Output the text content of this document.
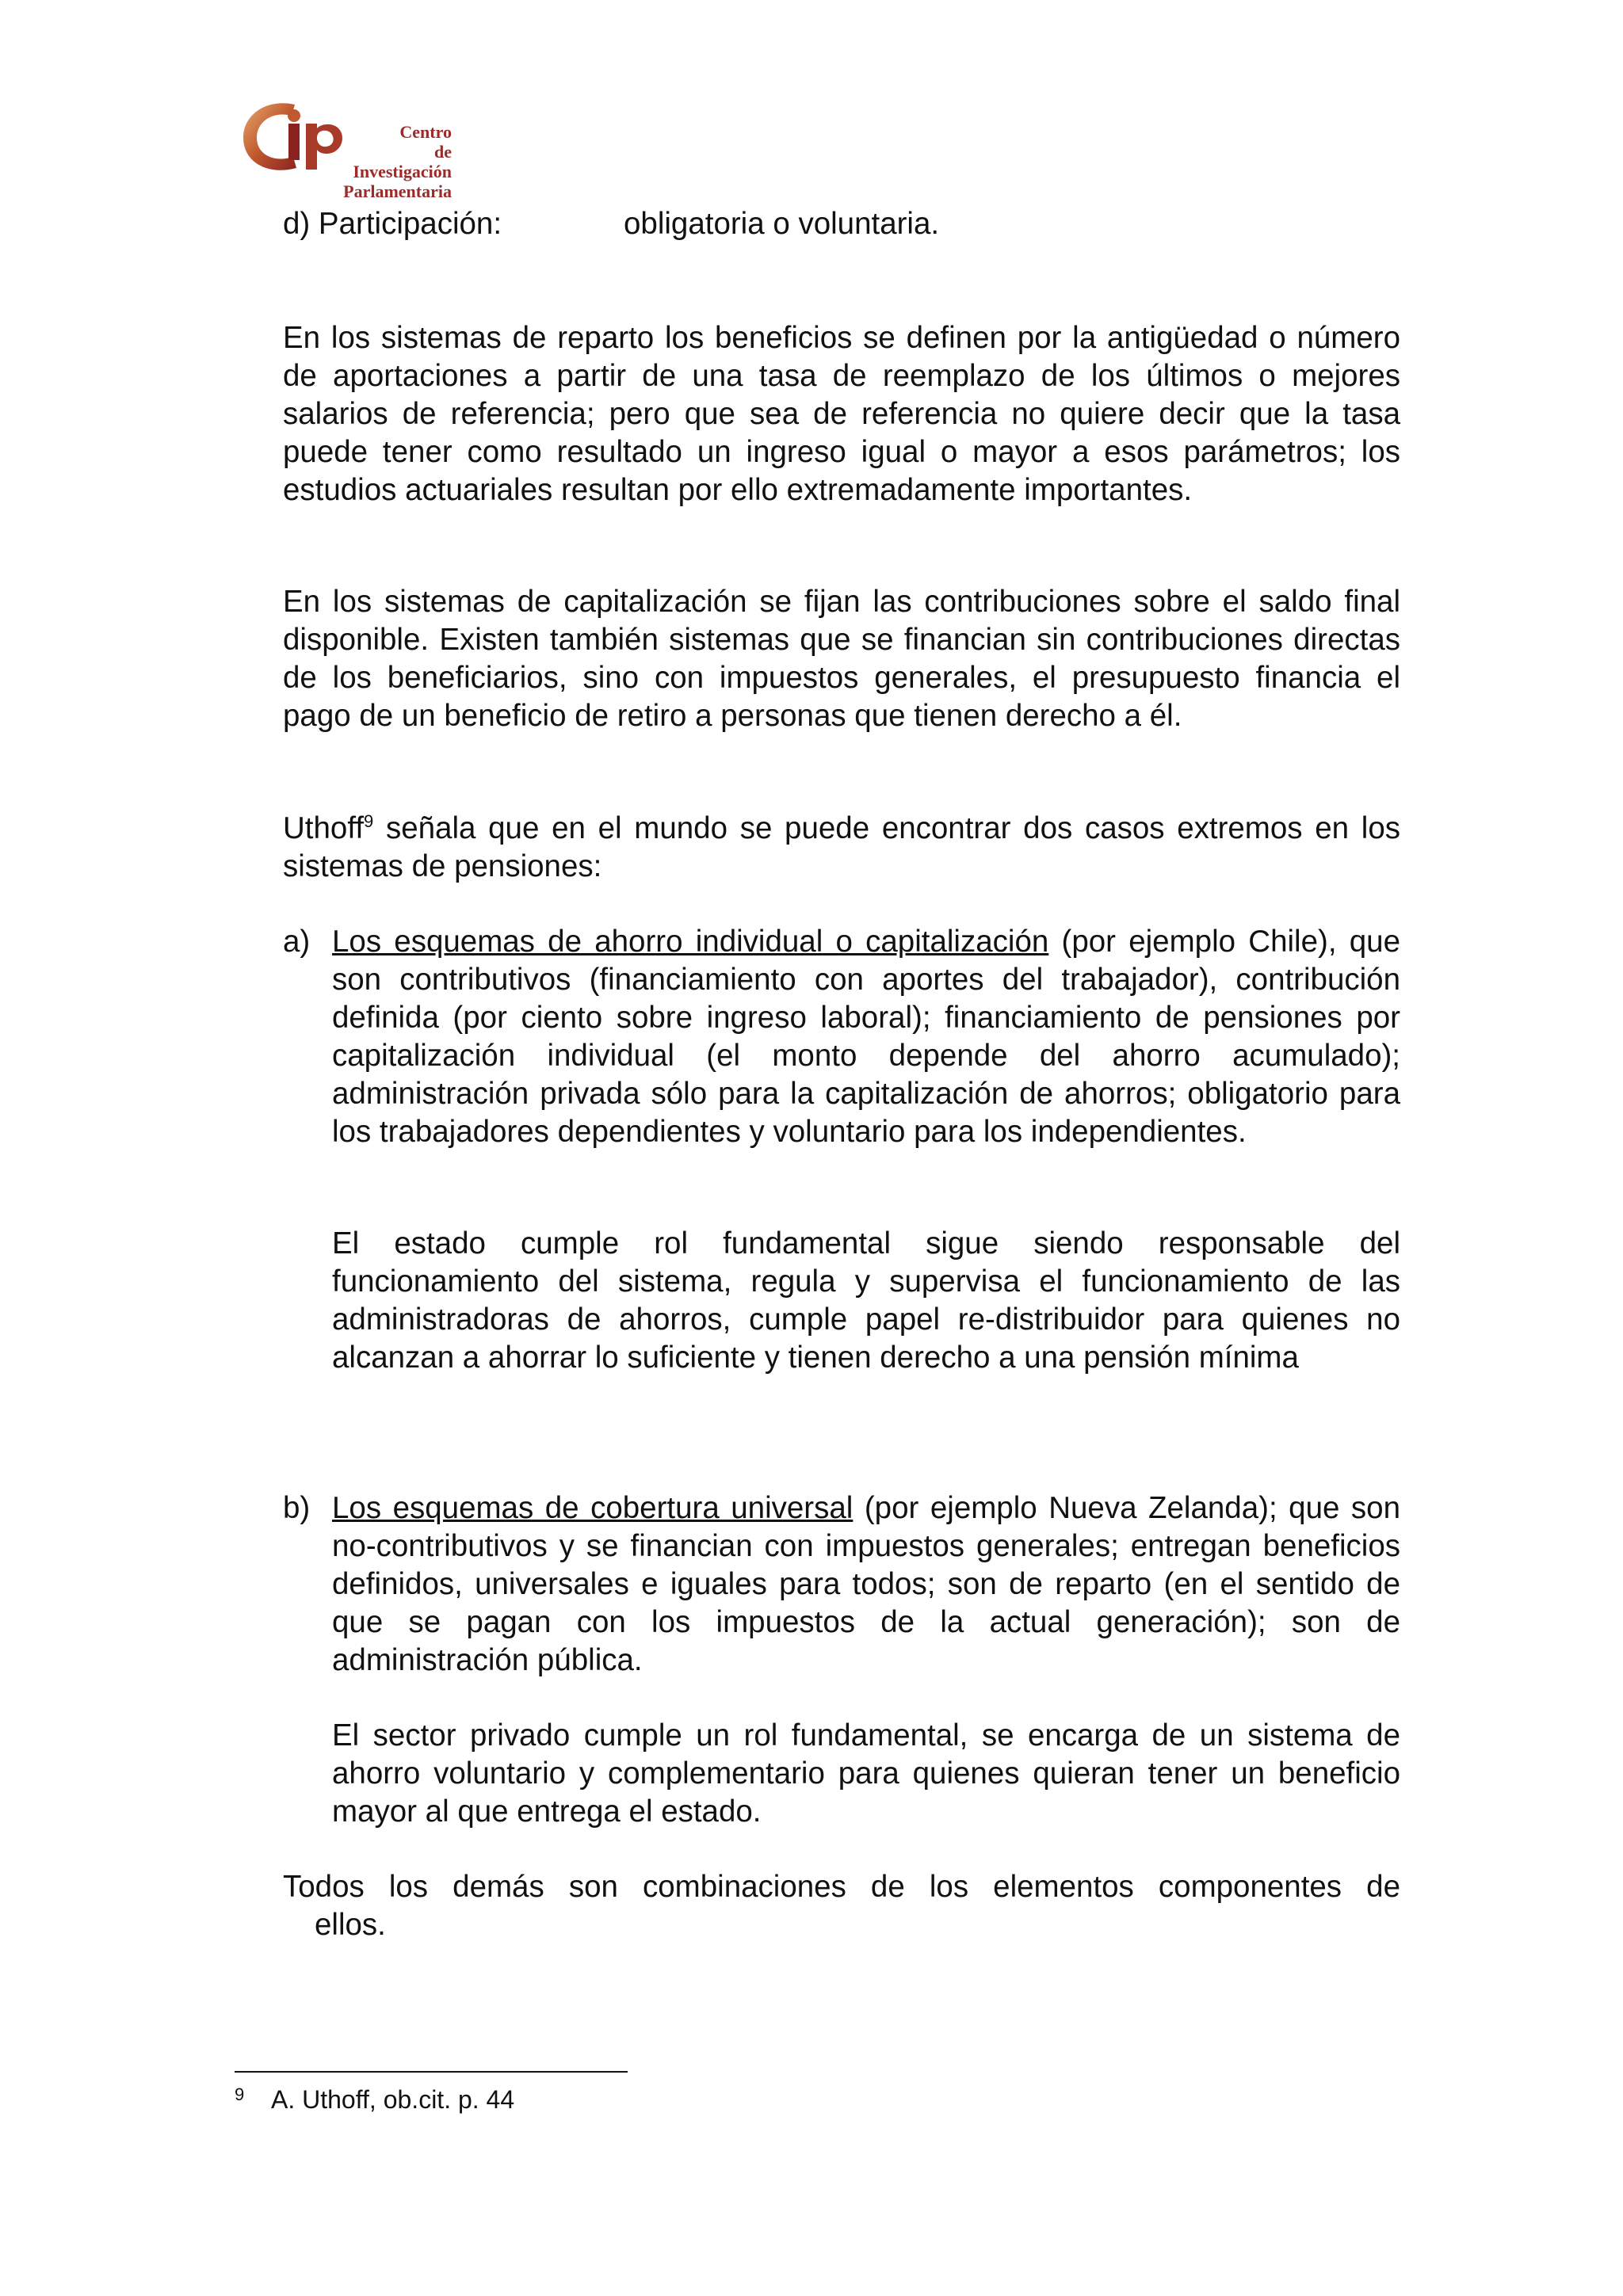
Centro
de
Investigación
Parlamentaria
d) Participación:	obligatoria o voluntaria.
En los sistemas de reparto los beneficios se definen por la antigüedad o número de aportaciones a partir de una tasa de reemplazo de los últimos o mejores salarios de referencia; pero que sea de referencia no quiere decir que la tasa puede tener como resultado un ingreso igual o mayor a esos parámetros; los estudios actuariales resultan por ello extremadamente importantes.
En los sistemas de capitalización se fijan las contribuciones sobre el saldo final disponible. Existen también sistemas que se financian sin contribuciones directas de los beneficiarios, sino con impuestos generales, el presupuesto financia el pago de un beneficio de retiro a personas que tienen derecho a él.
Uthoff$^9$ señala que en el mundo se puede encontrar dos casos extremos en los sistemas de pensiones:
a) Los esquemas de ahorro individual o capitalización (por ejemplo Chile), que son contributivos (financiamiento con aportes del trabajador), contribución definida (por ciento sobre ingreso laboral); financiamiento de pensiones por capitalización individual (el monto depende del ahorro acumulado); administración privada sólo para la capitalización de ahorros; obligatorio para los trabajadores dependientes y voluntario para los independientes.
El estado cumple rol fundamental sigue siendo responsable del funcionamiento del sistema, regula y supervisa el funcionamiento de las administradoras de ahorros, cumple papel re-distribuidor para quienes no alcanzan a ahorrar lo suficiente y tienen derecho a una pensión mínima
b) Los esquemas de cobertura universal (por ejemplo Nueva Zelanda); que son no-contributivos y se financian con impuestos generales; entregan beneficios definidos, universales e iguales para todos; son de reparto (en el sentido de que se pagan con los impuestos de la actual generación); son de administración pública.
El sector privado cumple un rol fundamental, se encarga de un sistema de ahorro voluntario y complementario para quienes quieran tener un beneficio mayor al que entrega el estado.
Todos los demás son combinaciones de los elementos componentes de
ellos.
9 A. Uthoff, ob.cit. p. 44
